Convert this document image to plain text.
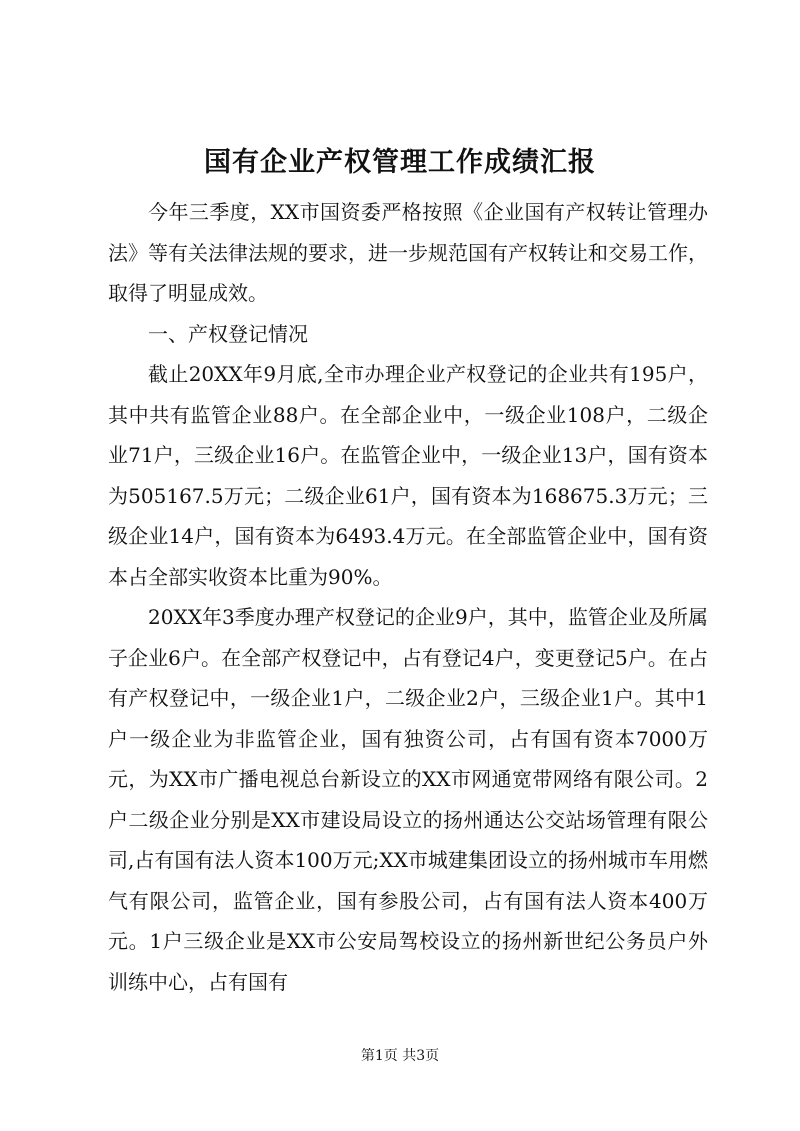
国有企业产权管理工作成绩汇报

今年三季度，XX市国资委严格按照《企业国有产权转让管理办法》等有关法律法规的要求，进一步规范国有产权转让和交易工作，取得了明显成效。

一、产权登记情况

截止20XX年9月底,全市办理企业产权登记的企业共有195户，其中共有监管企业88户。在全部企业中，一级企业108户，二级企业71户，三级企业16户。在监管企业中，一级企业13户，国有资本为505167.5万元；二级企业61户，国有资本为168675.3万元；三级企业14户，国有资本为6493.4万元。在全部监管企业中，国有资本占全部实收资本比重为90%。

20XX年3季度办理产权登记的企业9户，其中，监管企业及所属子企业6户。在全部产权登记中，占有登记4户，变更登记5户。在占有产权登记中，一级企业1户，二级企业2户，三级企业1户。其中1户一级企业为非监管企业，国有独资公司，占有国有资本7000万元，为XX市广播电视总台新设立的XX市网通宽带网络有限公司。2户二级企业分别是XX市建设局设立的扬州通达公交站场管理有限公司,占有国有法人资本100万元;XX市城建集团设立的扬州城市车用燃气有限公司，监管企业，国有参股公司，占有国有法人资本400万元。1户三级企业是XX市公安局驾校设立的扬州新世纪公务员户外训练中心，占有国有

第1页 共3页
